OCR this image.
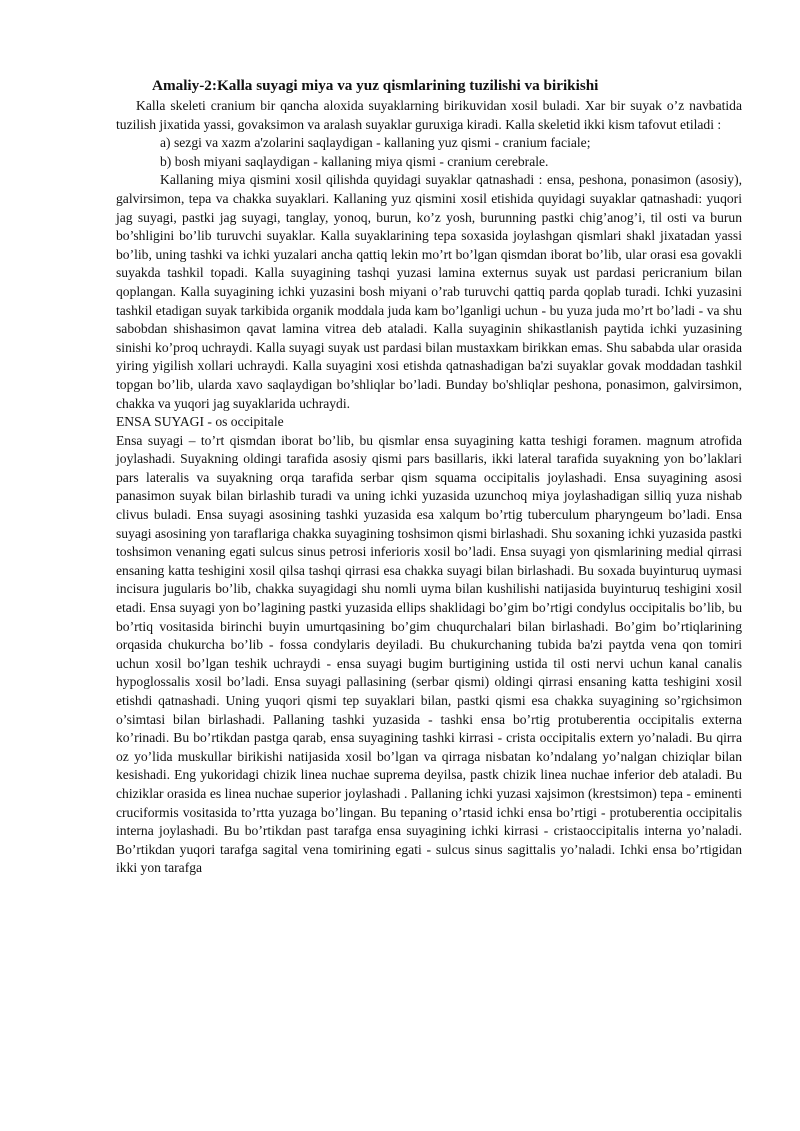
Amaliy-2:Kalla suyagi miya va yuz qismlarining tuzilishi va birikishi

Kalla skeleti cranium bir qancha aloxida suyaklarning birikuvidan xosil buladi. Xar bir suyak o’z navbatida tuzilish jixatida yassi, govaksimon va aralash suyaklar guruxiga kiradi. Kalla skeletid ikki kism tafovut etiladi :

a) sezgi va xazm a'zolarini saqlaydigan - kallaning yuz qismi - cranium faciale;

b) bosh miyani saqlaydigan - kallaning miya qismi - cranium cerebrale.

Kallaning miya qismini xosil qilishda quyidagi suyaklar qatnashadi : ensa, peshona, ponasimon (asosiy), galvirsimon, tepa va chakka suyaklari. Kallaning yuz qismini xosil etishida quyidagi suyaklar qatnashadi: yuqori jag suyagi, pastki jag suyagi, tanglay, yonoq, burun, ko’z yosh, burunning pastki chig’anog’i, til osti va burun bo’shligini bo’lib turuvchi suyaklar. Kalla suyaklarining tepa soxasida joylashgan qismlari shakl jixatadan yassi bo’lib, uning tashki va ichki yuzalari ancha qattiq lekin mo’rt bo’lgan qismdan iborat bo’lib, ular orasi esa govakli suyakda tashkil topadi. Kalla suyagining tashqi yuzasi lamina externus suyak ust pardasi pericranium bilan qoplangan. Kalla suyagining ichki yuzasini bosh miyani o’rab turuvchi qattiq parda qoplab turadi. Ichki yuzasini tashkil etadigan suyak tarkibida organik moddala juda kam bo’lganligi uchun - bu yuza juda mo’rt bo’ladi - va shu sabobdan shishasimon qavat lamina vitrea deb ataladi. Kalla suyaginin shikastlanish paytida ichki yuzasining sinishi ko’proq uchraydi. Kalla suyagi suyak ust pardasi bilan mustaxkam birikkan emas. Shu sababda ular orasida yiring yigilish xollari uchraydi. Kalla suyagini xosi etishda qatnashadigan ba'zi suyaklar govak moddadan tashkil topgan bo’lib, ularda xavo saqlaydigan bo’shliqlar bo’ladi. Bunday bo'shliqlar peshona, ponasimon, galvirsimon, chakka va yuqori jag suyaklarida uchraydi.

ENSA SUYAGI - os occipitale

Ensa suyagi – to’rt qismdan iborat bo’lib, bu qismlar ensa suyagining katta teshigi foramen. magnum atrofida joylashadi. Suyakning oldingi tarafida asosiy qismi pars basillaris, ikki lateral tarafida suyakning yon bo’laklari pars lateralis va suyakning orqa tarafida serbar qism squama occipitalis joylashadi. Ensa suyagining asosi panasimon suyak bilan birlashib turadi va uning ichki yuzasida uzunchoq miya joylashadigan silliq yuza nishab clivus buladi. Ensa suyagi asosining tashki yuzasida esa xalqum bo’rtig tuberculum pharyngeum bo’ladi. Ensa suyagi asosining yon taraflariga chakka suyagining toshsimon qismi birlashadi. Shu soxaning ichki yuzasida pastki toshsimon venaning egati sulcus sinus petrosi inferioris xosil bo’ladi. Ensa suyagi yon qismlarining medial qirrasi ensaning katta teshigini xosil qilsa tashqi qirrasi esa chakka suyagi bilan birlashadi. Bu soxada buyinturuq uymasi incisura jugularis bo’lib, chakka suyagidagi shu nomli uyma bilan kushilishi natijasida buyinturuq teshigini xosil etadi. Ensa suyagi yon bo’lagining pastki yuzasida ellips shaklidagi bo’gim bo’rtigi condylus occipitalis bo’lib, bu bo’rtiq vositasida birinchi buyin umurtqasining bo’gim chuqurchalari bilan birlashadi. Bo’gim bo’rtiqlarining orqasida chukurcha bo’lib - fossa condylaris deyiladi. Bu chukurchaning tubida ba'zi paytda vena qon tomiri uchun xosil bo’lgan teshik uchraydi - ensa suyagi bugim burtigining ustida til osti nervi uchun kanal canalis hypoglossalis xosil bo’ladi. Ensa suyagi pallasining (serbar qismi) oldingi qirrasi ensaning katta teshigini xosil etishdi qatnashadi. Uning yuqori qismi tep suyaklari bilan, pastki qismi esa chakka suyagining so’rgichsimon o’simtasi bilan birlashadi. Pallaning tashki yuzasida - tashki ensa bo’rtig protuberentia occipitalis externa ko’rinadi. Bu bo’rtikdan pastga qarab, ensa suyagining tashki kirrasi - crista occipitalis extern yo’naladi. Bu qirra oz yo’lida muskullar birikishi natijasida xosil bo’lgan va qirraga nisbatan ko’ndalang yo’nalgan chiziqlar bilan kesishadi. Eng yukoridagi chizik linea nuchae suprema deyilsa, pastk chizik linea nuchae inferior deb ataladi. Bu chiziklar orasida es linea nuchae superior joylashadi . Pallaning ichki yuzasi xajsimon (krestsimon) tepa - eminenti cruciformis vositasida to’rtta yuzaga bo’lingan. Bu tepaning o’rtasid ichki ensa bo’rtigi - protuberentia occipitalis interna joylashadi. Bu bo’rtikdan past tarafga ensa suyagining ichki kirrasi - cristaoccipitalis interna yo’naladi. Bo’rtikdan yuqori tarafga sagital vena tomirining egati - sulcus sinus sagittalis yo’naladi. Ichki ensa bo’rtigidan ikki yon tarafga
